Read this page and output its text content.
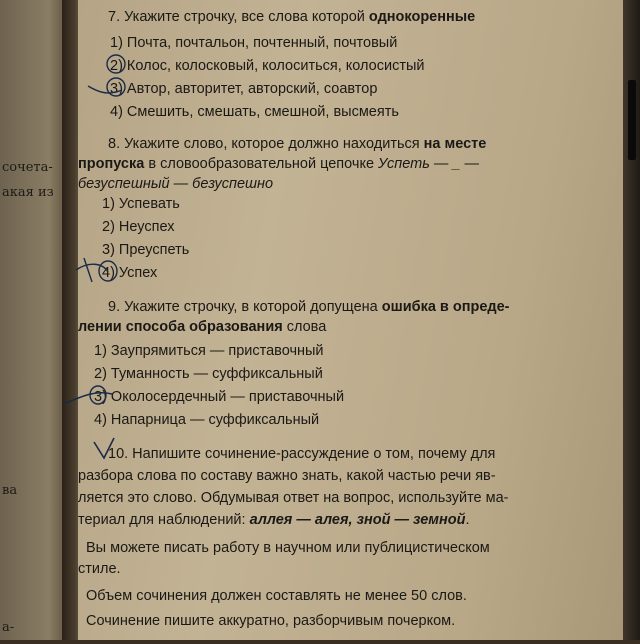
сочета-
акая из
ва
а-
7. Укажите строчку, все слова которой однокоренные
1) Почта, почтальон, почтенный, почтовый
2) Колос, колосковый, колоситься, колосистый
3) Автор, авторитет, авторский, соавтор
4) Смешить, смешать, смешной, высмеять
8. Укажите слово, которое должно находиться на месте
пропуска в словообразовательной цепочке Успеть — _ —
безуспешный — безуспешно
1) Успевать
2) Неуспех
3) Преуспеть
4) Успех
9. Укажите строчку, в которой допущена ошибка в опреде-
лении способа образования слова
1) Заупрямиться — приставочный
2) Туманность — суффиксальный
3) Околосердечный — приставочный
4) Напарница — суффиксальный
10. Напишите сочинение-рассуждение о том, почему для
разбора слова по составу важно знать, какой частью речи яв-
ляется это слово. Обдумывая ответ на вопрос, используйте ма-
териал для наблюдений: аллея — алея, зной — земной.
Вы можете писать работу в научном или публицистическом
стиле.
Объем сочинения должен составлять не менее 50 слов.
Сочинение пишите аккуратно, разборчивым почерком.
